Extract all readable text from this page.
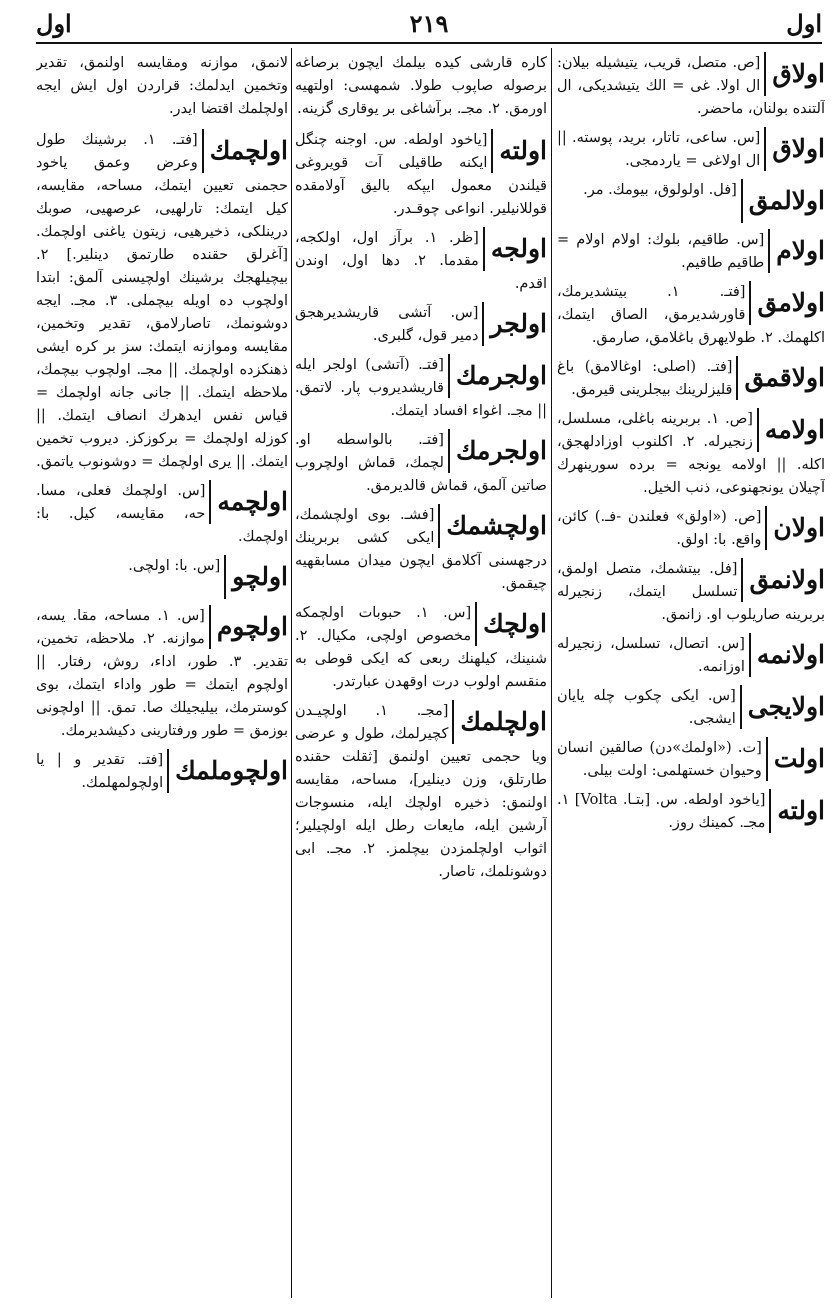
اول
۲۱۹
اول
اولاق
[ص. متصل، قريب، يتيشيله بيلان: ال اولا. غى = الك يتيشديكى، ال آلتنده بولنان، ماحضر.
اولاق
[س. ساعى، تاتار، بريد، پوسته. || ال اولاغى = ياردمجى.
اولالمق
[فل. اولولوق، بيومك. مر.
اولام
[س. طاقيم، بلوك: اولام اولام = طاقيم طاقيم.
اولامق
[فتـ. ۱. بيتشديرمك، قاورشديرمق، الصاق ايتمك، اكلهمك. ۲. طولايهرق باغلامق، صارمق.
اولاقمق
[فتـ. (اصلى: اوغالامق) باغ قليزلرينك بيجلرينى قيرمق.
اولامه
[ص. ۱. بربرينه باغلى، مسلسل، زنجيرله. ۲. اكلنوب اوزادلهجق، اكله. || اولامه يونجه = برده سورينهرك آچيلان يونجهنوعى، ذنب الخيل.
اولان
[ص. («اولق» فعلندن -فـ.) كائن، واقع. با: اولق.
اولانمق
[فل. بيتشمك، متصل اولمق، تسلسل ايتمك، زنجيرله بربرينه صاريلوب او. زانمق.
اولانمه
[س. اتصال، تسلسل، زنجيرله اوزانمه.
اولايجى
[س. ايكى چكوب چله يايان ايشجى.
اولت
[ت. («اولمك»دن) صالقين انسان وحيوان خستهلمى: اولت بيلى.
اولته
[ياخود اولطه. س. [بتـا. Volta] ۱. مجـ. كمينك روز.
كاره قارشى كيده بيلمك ايچون برصاغه برصوله صاپوب طولا. شمهسى: اولتهيه اورمق. ۲. مجـ. برآشاغى بر يوقارى گزينه.
اولته
[ياخود اولطه. س. اوجنه چنگل ايكنه طاقيلى آت قويروغى قيلندن معمول ايپكه باليق آولامقده قوللانيلير. انواعى چوقـدر.
اولجه
[ظر. ۱. برآز اول، اولكجه، مقدما. ۲. دها اول، اوندن اقدم.
اولجر
[س. آتشى قاريشديرهجق دمير قول، گلبرى.
اولجرمك
[فتـ. (آتشى) اولجر ايله قاريشديروب پار. لاتمق. || مجـ. اغواء افساد ايتمك.
اولجرمك
[فتـ. بالواسطه او. لچمك، قماش اولچروب صاتين آلمق، قماش قالديرمق.
اولچشمك
[فشـ. بوى اولچشمك، ايكى كشى بربرينك درجهسنى آكلامق ايچون ميدان مسابقهيه چيقمق.
اولچك
[س. ۱. حبوبات اولچمكه مخصوص اولچى، مكيال. ۲. شنينك، كيلهنك ربعى كه ايكى قوطى به منقسم اولوب درت اوقهدن عبارتدر.
اولچلمك
[مجـ. ۱. اولچيـدن كچيرلمك، طول و عرضى ويا حجمى تعيين اولنمق [ثقلت حقنده طارتلق، وزن دينلير]، مساحه، مقايسه اولنمق: ذخيره اولچك ايله، منسوجات آرشين ايله، مايعات رطل ايله اولچيلير؛ اثواب اولچلمزدن بيچلمز. ۲. مجـ. ابى دوشونلمك، تاصار.
لانمق، موازنه ومقايسه اولنمق، تقدير وتخمين ايدلمك: قراردن اول ايش ايجه اولچلمك اقتضا ايدر.
اولچمك
[فتـ. ۱. برشينك طول وعرض وعمق ياخود حجمنى تعيين ايتمك، مساحه، مقايسه، كيل ايتمك: تارلهيى، عرصهيى، صوبك درينلكى، ذخيرهيى، زيتون ياغنى اولچمك. [آغرلق حقنده طارتمق دينلير.] ۲. بيچيلهجك برشينك اولچيسنى آلمق: ابتدا اولچوب ده اويله بيچملى. ۳. مجـ. ايجه دوشونمك، تاصارلامق، تقدير وتخمين، مقايسه وموازنه ايتمك: سز بر كره ايشى ذهنكزده اولچمك. || مجـ. اولچوب بيچمك، ملاحظه ايتمك. || جانى جانه اولچمك = قياس نفس ايدهرك انصاف ايتمك. || كوزله اولچمك = بركوزكز. ديروب تخمين ايتمك. || يرى اولچمك = دوشونوب ياتمق.
اولچمه
[س. اولچمك فعلى، مسا. حه، مقايسه، كيل. با: اولچمك.
اولچو
[س. با: اولچى.
اولچوم
[س. ۱. مساحه، مقا. يسه، موازنه. ۲. ملاحظه، تخمين، تقدير. ۳. طور، اداء، روش، رفتار. || اولچوم ايتمك = طور واداء ايتمك، بوى كوسترمك، بيليجيلك صا. تمق. || اولچونى بوزمق = طور ورفتارينى دكيشديرمك.
اولچوملمك
[فتـ. تقدير و | يا اولچولمهلمك.
